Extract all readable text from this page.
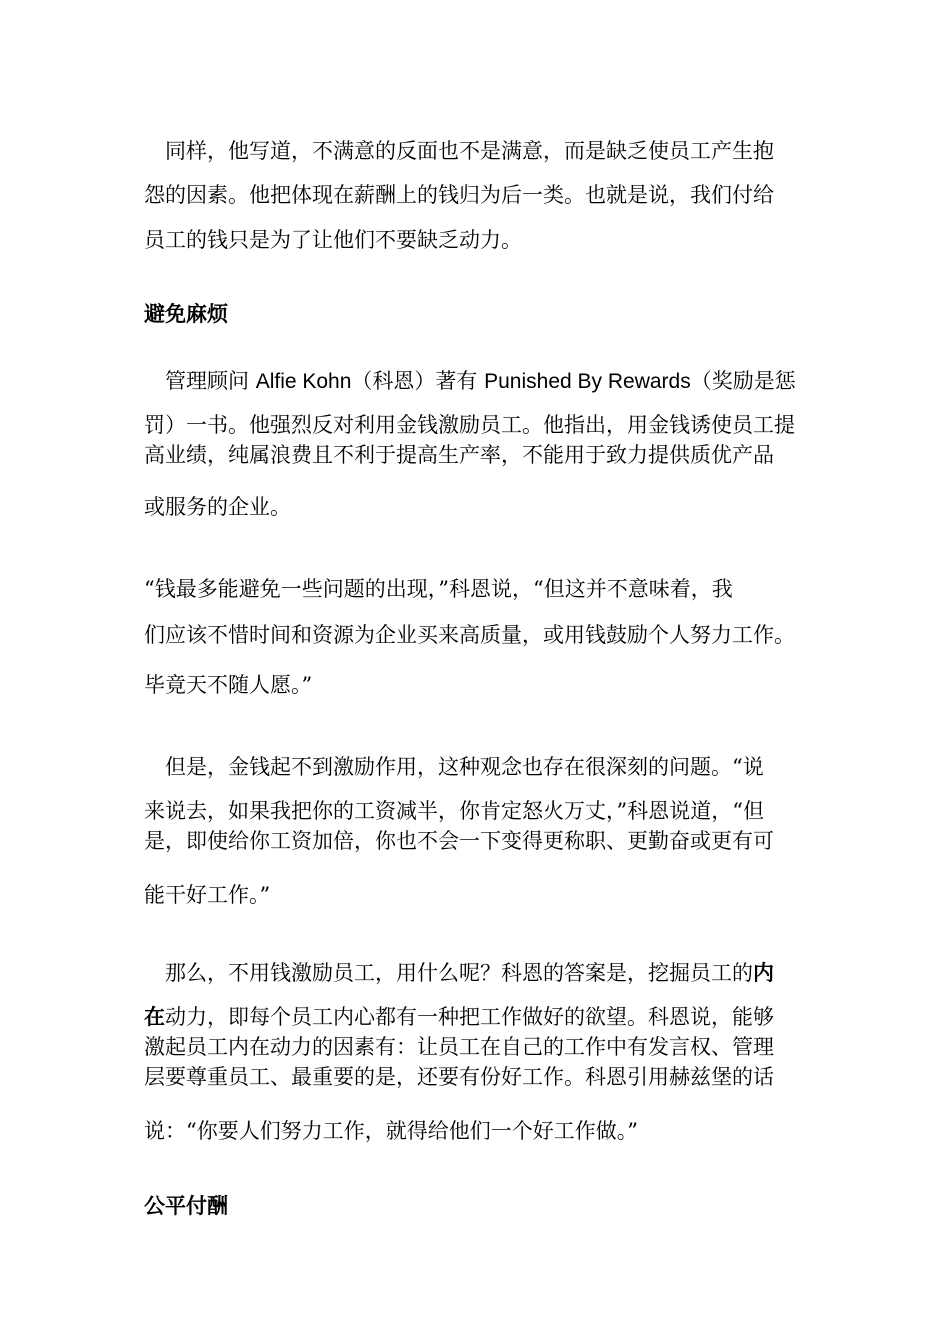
　同样，他写道，不满意的反面也不是满意，而是缺乏使员工产生抱
怨的因素。他把体现在薪酬上的钱归为后一类。也就是说，我们付给
员工的钱只是为了让他们不要缺乏动力。
避免麻烦
　管理顾问 Alfie Kohn（科恩）著有 Punished By Rewards（奖励是惩
罚）一书。他强烈反对利用金钱激励员工。他指出，用金钱诱使员工提
高业绩，纯属浪费且不利于提高生产率，不能用于致力提供质优产品
或服务的企业。
“钱最多能避免一些问题的出现，”科恩说，“但这并不意味着，我
们应该不惜时间和资源为企业买来高质量，或用钱鼓励个人努力工作。
毕竟天不随人愿。”
　但是，金钱起不到激励作用，这种观念也存在很深刻的问题。“说
来说去，如果我把你的工资减半，你肯定怒火万丈，”科恩说道，“但
是，即使给你工资加倍，你也不会一下变得更称职、更勤奋或更有可
能干好工作。”
　那么，不用钱激励员工，用什么呢？科恩的答案是，挖掘员工的内
在动力，即每个员工内心都有一种把工作做好的欲望。科恩说，能够
激起员工内在动力的因素有：让员工在自己的工作中有发言权、管理
层要尊重员工、最重要的是，还要有份好工作。科恩引用赫兹堡的话
说：“你要人们努力工作，就得给他们一个好工作做。”
公平付酬
